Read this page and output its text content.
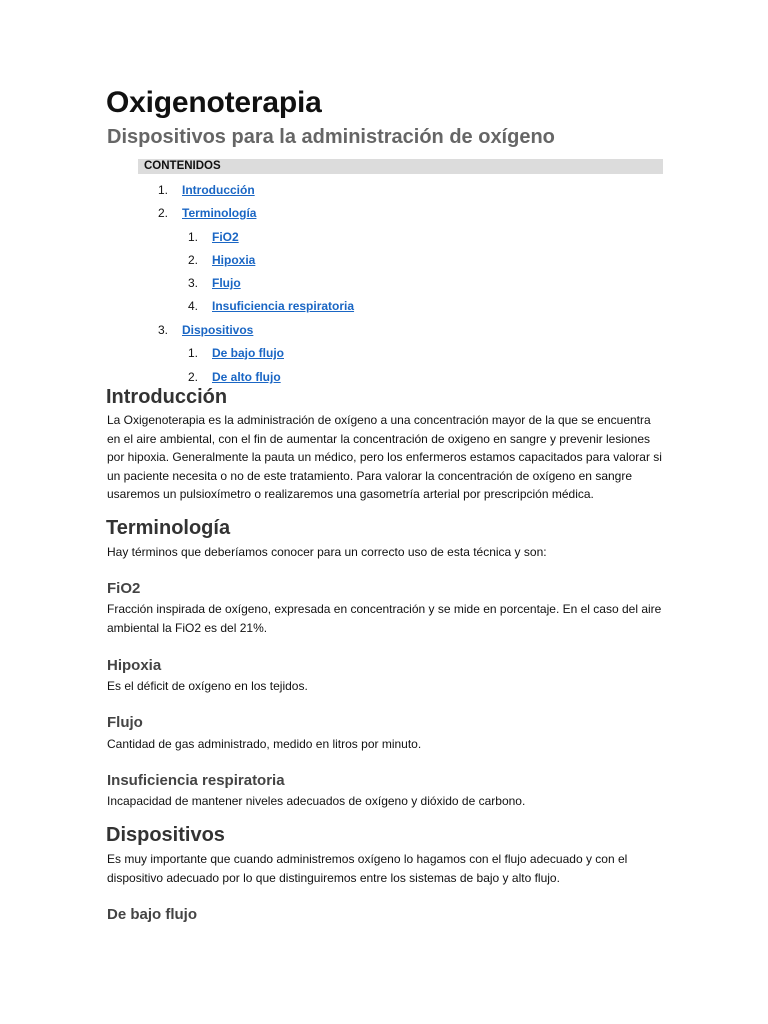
Oxigenoterapia
Dispositivos para la administración de oxígeno
CONTENIDOS
1. Introducción
2. Terminología
1. FiO2
2. Hipoxia
3. Flujo
4. Insuficiencia respiratoria
3. Dispositivos
1. De bajo flujo
2. De alto flujo
Introducción

La Oxigenoterapia es la administración de oxígeno a una concentración mayor de la que se encuentra en el aire ambiental, con el fin de aumentar la concentración de oxigeno en sangre y prevenir lesiones por hipoxia. Generalmente la pauta un médico, pero los enfermeros estamos capacitados para valorar si un paciente necesita o no de este tratamiento. Para valorar la concentración de oxígeno en sangre usaremos un pulsioxímetro o realizaremos una gasometría arterial por prescripción médica.

Terminología

Hay términos que deberíamos conocer para un correcto uso de esta técnica y son:

FiO2

Fracción inspirada de oxígeno, expresada en concentración y se mide en porcentaje. En el caso del aire ambiental la FiO2 es del 21%.

Hipoxia

Es el déficit de oxígeno en los tejidos.

Flujo

Cantidad de gas administrado, medido en litros por minuto.

Insuficiencia respiratoria

Incapacidad de mantener niveles adecuados de oxígeno y dióxido de carbono.

Dispositivos

Es muy importante que cuando administremos oxígeno lo hagamos con el flujo adecuado y con el dispositivo adecuado por lo que distinguiremos entre los sistemas de bajo y alto flujo.

De bajo flujo
